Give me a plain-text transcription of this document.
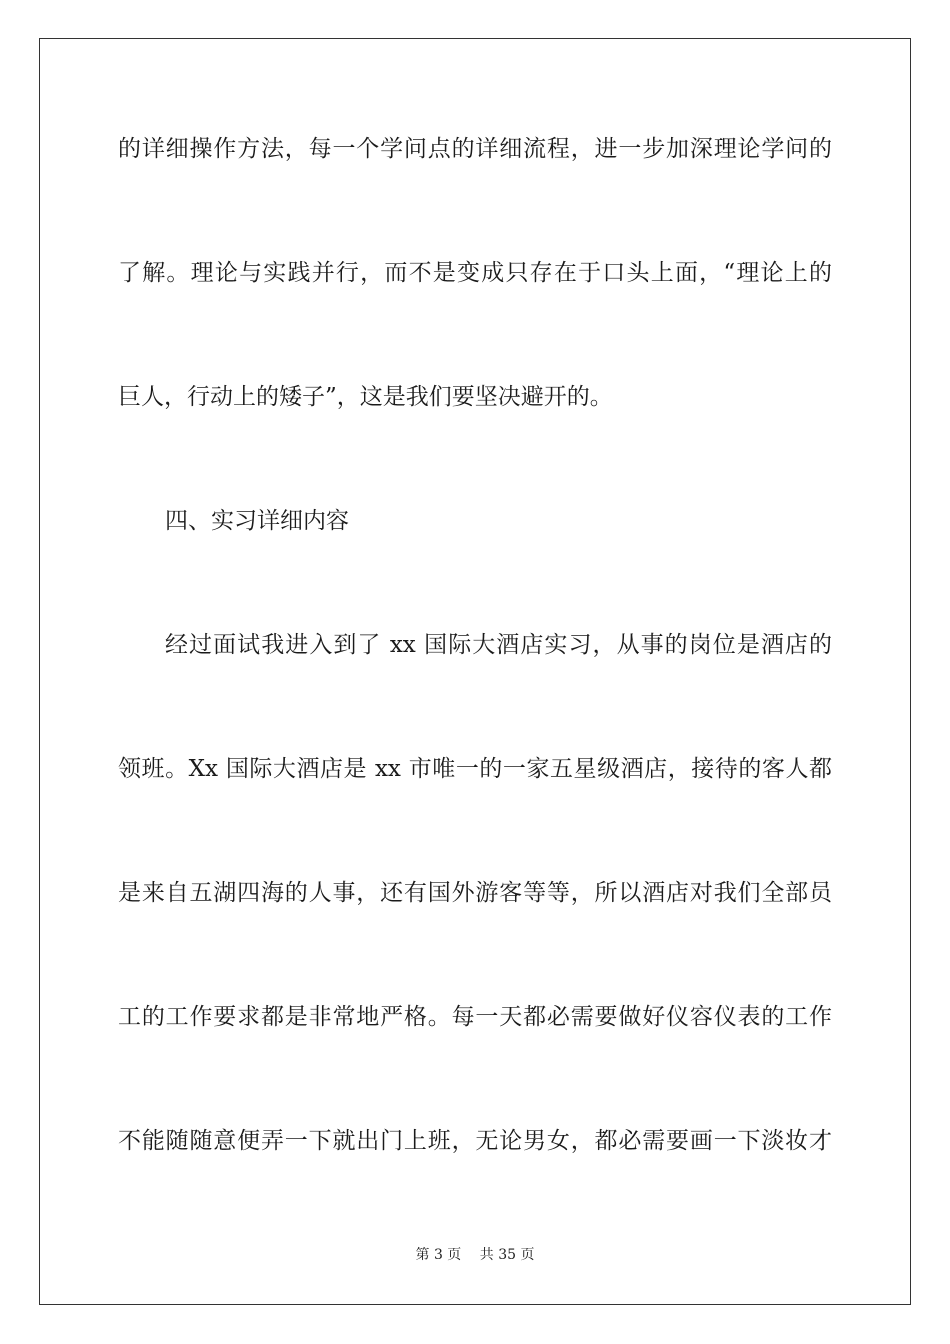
的详细操作方法，每一个学问点的详细流程，进一步加深理论学问的
了解。理论与实践并行，而不是变成只存在于口头上面，“理论上的
巨人，行动上的矮子”，这是我们要坚决避开的。
四、实习详细内容
经过面试我进入到了 xx 国际大酒店实习，从事的岗位是酒店的
领班。Xx 国际大酒店是 xx 市唯一的一家五星级酒店，接待的客人都
是来自五湖四海的人事，还有国外游客等等，所以酒店对我们全部员
工的工作要求都是非常地严格。每一天都必需要做好仪容仪表的工作
不能随随意便弄一下就出门上班，无论男女，都必需要画一下淡妆才
第 3 页 共 35 页
